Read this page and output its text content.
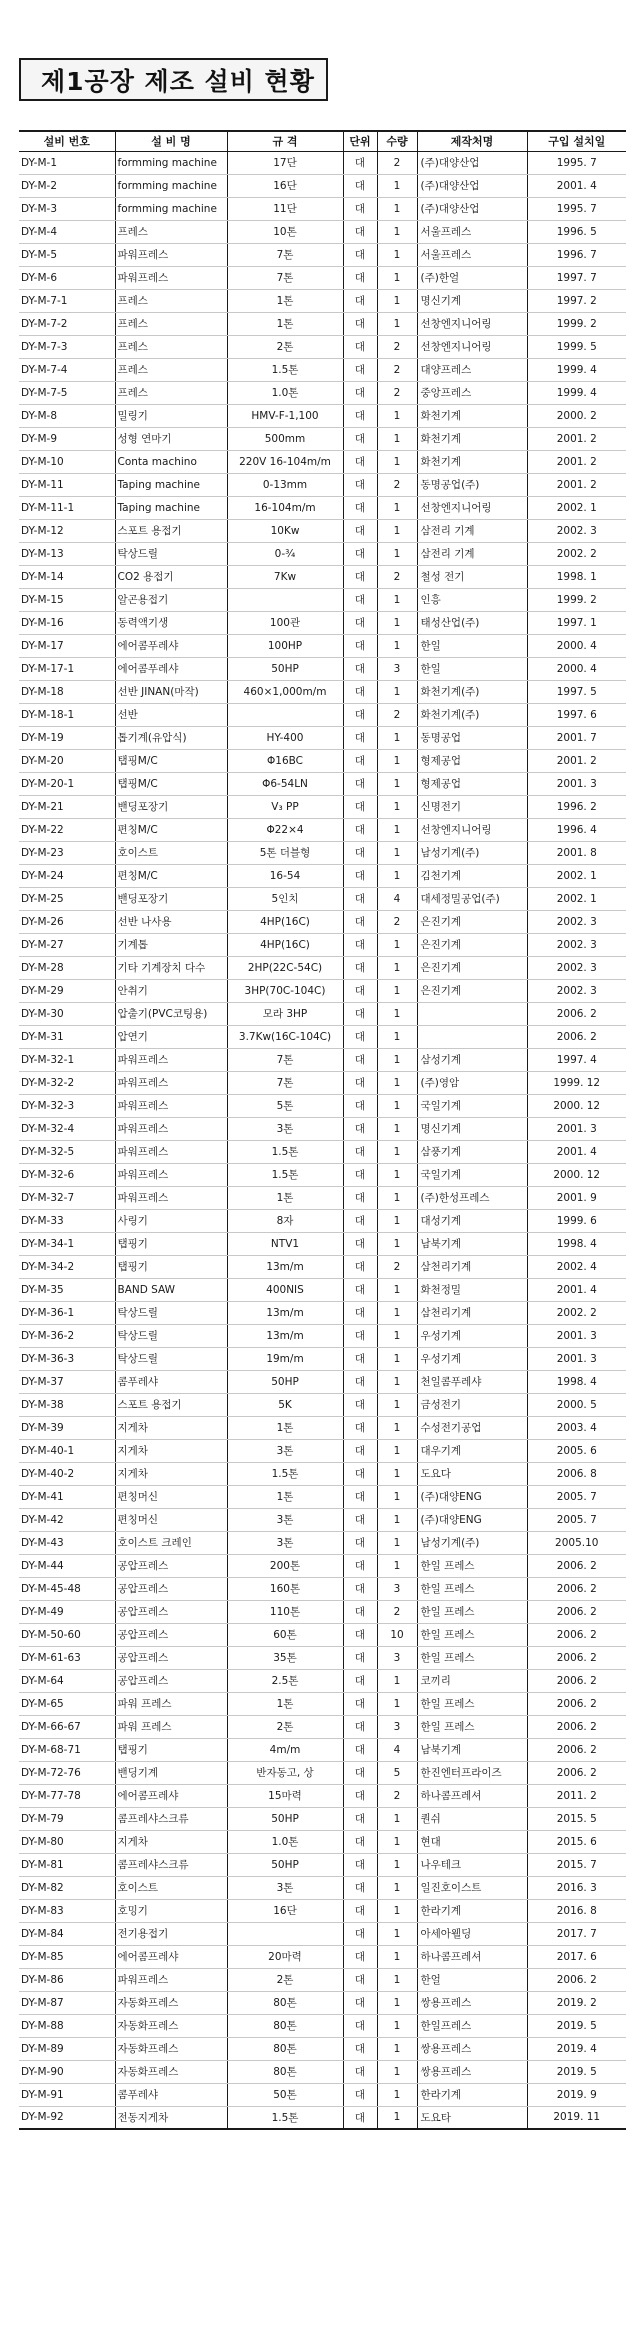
제1공장 제조 설비 현황
설비 번호	설 비 명	규 격	단위	수량	제작처명	구입 설치일
DY-M-1	formming machine	17단	대	2	(주)대양산업	1995. 7
DY-M-2	formming machine	16단	대	1	(주)대양산업	2001. 4
DY-M-3	formming machine	11단	대	1	(주)대양산업	1995. 7
DY-M-4	프레스	10톤	대	1	서울프레스	1996. 5
DY-M-5	파워프레스	7톤	대	1	서울프레스	1996. 7
DY-M-6	파워프레스	7톤	대	1	(주)한얼	1997. 7
DY-M-7-1	프레스	1톤	대	1	명신기계	1997. 2
DY-M-7-2	프레스	1톤	대	1	선창엔지니어링	1999. 2
DY-M-7-3	프레스	2톤	대	2	선창엔지니어링	1999. 5
DY-M-7-4	프레스	1.5톤	대	2	대양프레스	1999. 4
DY-M-7-5	프레스	1.0톤	대	2	중앙프레스	1999. 4
DY-M-8	밀링기	HMV-F-1,100	대	1	화천기계	2000. 2
DY-M-9	성형 연마기	500mm	대	1	화천기계	2001. 2
DY-M-10	Conta machino	220V 16-104m/m	대	1	화천기계	2001. 2
DY-M-11	Taping machine	0-13mm	대	2	동명공업(주)	2001. 2
DY-M-11-1	Taping machine	16-104m/m	대	1	선창엔지니어링	2002. 1
DY-M-12	스포트 용접기	10Kw	대	1	삼전리 기계	2002. 3
DY-M-13	탁상드릴	0-¾	대	1	삼전리 기계	2002. 2
DY-M-14	CO2 용접기	7Kw	대	2	철성 전기	1998. 1
DY-M-15	알곤용접기		대	1	인흥	1999. 2
DY-M-16	동력액기생	100관	대	1	태성산업(주)	1997. 1
DY-M-17	에어콤푸레샤	100HP	대	1	한일	2000. 4
DY-M-17-1	에어콤푸레샤	50HP	대	3	한일	2000. 4
DY-M-18	선반 JINAN(마작)	460×1,000m/m	대	1	화천기계(주)	1997. 5
DY-M-18-1	선반		대	2	화천기계(주)	1997. 6
DY-M-19	톱기계(유압식)	HY-400	대	1	동명공업	2001. 7
DY-M-20	탭핑M/C	Φ16BC	대	1	형제공업	2001. 2
DY-M-20-1	탭핑M/C	Φ6-54LN	대	1	형제공업	2001. 3
DY-M-21	밴딩포장기	V₃ PP	대	1	신명전기	1996. 2
DY-M-22	편칭M/C	Φ22×4	대	1	선창엔지니어링	1996. 4
DY-M-23	호이스트	5톤 더블형	대	1	남성기계(주)	2001. 8
DY-M-24	편칭M/C	16-54	대	1	김천기계	2002. 1
DY-M-25	밴딩포장기	5인치	대	4	대세정밀공업(주)	2002. 1
DY-M-26	선반 나사용	4HP(16C)	대	2	은진기계	2002. 3
DY-M-27	기계톱	4HP(16C)	대	1	은진기계	2002. 3
DY-M-28	기타 기계장치 다수	2HP(22C-54C)	대	1	은진기계	2002. 3
DY-M-29	안취기	3HP(70C-104C)	대	1	은진기계	2002. 3
DY-M-30	압출기(PVC코팅용)	모라 3HP	대	1		2006. 2
DY-M-31	압연기	3.7Kw(16C-104C)	대	1		2006. 2
DY-M-32-1	파워프레스	7톤	대	1	삼성기계	1997. 4
DY-M-32-2	파워프레스	7톤	대	1	(주)영암	1999. 12
DY-M-32-3	파워프레스	5톤	대	1	국일기계	2000. 12
DY-M-32-4	파워프레스	3톤	대	1	명신기계	2001. 3
DY-M-32-5	파워프레스	1.5톤	대	1	삼풍기계	2001. 4
DY-M-32-6	파워프레스	1.5톤	대	1	국일기계	2000. 12
DY-M-32-7	파워프레스	1톤	대	1	(주)한성프레스	2001. 9
DY-M-33	사링기	8자	대	1	대성기계	1999. 6
DY-M-34-1	탭핑기	NTV1	대	1	남북기계	1998. 4
DY-M-34-2	탭핑기	13m/m	대	2	삼천리기계	2002. 4
DY-M-35	BAND SAW	400NIS	대	1	화천정밀	2001. 4
DY-M-36-1	탁상드릴	13m/m	대	1	삼천리기계	2002. 2
DY-M-36-2	탁상드릴	13m/m	대	1	우성기계	2001. 3
DY-M-36-3	탁상드릴	19m/m	대	1	우성기계	2001. 3
DY-M-37	콤푸레샤	50HP	대	1	천일콤푸레샤	1998. 4
DY-M-38	스포트 용접기	5K	대	1	금성전기	2000. 5
DY-M-39	지게차	1톤	대	1	수성전기공업	2003. 4
DY-M-40-1	지게차	3톤	대	1	대우기계	2005. 6
DY-M-40-2	지게차	1.5톤	대	1	도요다	2006. 8
DY-M-41	편칭머신	1톤	대	1	(주)대양ENG	2005. 7
DY-M-42	편칭머신	3톤	대	1	(주)대양ENG	2005. 7
DY-M-43	호이스트 크레인	3톤	대	1	남성기계(주)	2005.10
DY-M-44	공압프레스	200톤	대	1	한일 프레스	2006. 2
DY-M-45-48	공압프레스	160톤	대	3	한일 프레스	2006. 2
DY-M-49	공압프레스	110톤	대	2	한일 프레스	2006. 2
DY-M-50-60	공압프레스	60톤	대	10	한일 프레스	2006. 2
DY-M-61-63	공압프레스	35톤	대	3	한일 프레스	2006. 2
DY-M-64	공압프레스	2.5톤	대	1	코끼리	2006. 2
DY-M-65	파워 프레스	1톤	대	1	한일 프레스	2006. 2
DY-M-66-67	파워 프레스	2톤	대	3	한일 프레스	2006. 2
DY-M-68-71	탭핑기	4m/m	대	4	남북기계	2006. 2
DY-M-72-76	밴딩기계	반자동고, 상	대	5	한진엔터프라이즈	2006. 2
DY-M-77-78	에어콤프레샤	15마력	대	2	하나콤프레셔	2011. 2
DY-M-79	콤프레샤스크류	50HP	대	1	퀀쉬	2015. 5
DY-M-80	지게차	1.0톤	대	1	현대	2015. 6
DY-M-81	콤프레샤스크류	50HP	대	1	나우테크	2015. 7
DY-M-82	호이스트	3톤	대	1	일진호이스트	2016. 3
DY-M-83	호밍기	16단	대	1	한라기계	2016. 8
DY-M-84	전기용접기		대	1	아세아웰딩	2017. 7
DY-M-85	에어콤프레샤	20마력	대	1	하나콤프레셔	2017. 6
DY-M-86	파워프레스	2톤	대	1	한얼	2006. 2
DY-M-87	자동화프레스	80톤	대	1	쌍용프레스	2019. 2
DY-M-88	자동화프레스	80톤	대	1	한일프레스	2019. 5
DY-M-89	자동화프레스	80톤	대	1	쌍용프레스	2019. 4
DY-M-90	자동화프레스	80톤	대	1	쌍용프레스	2019. 5
DY-M-91	콤푸레샤	50톤	대	1	한라기계	2019. 9
DY-M-92	전동지게차	1.5톤	대	1	도요타	2019. 11
